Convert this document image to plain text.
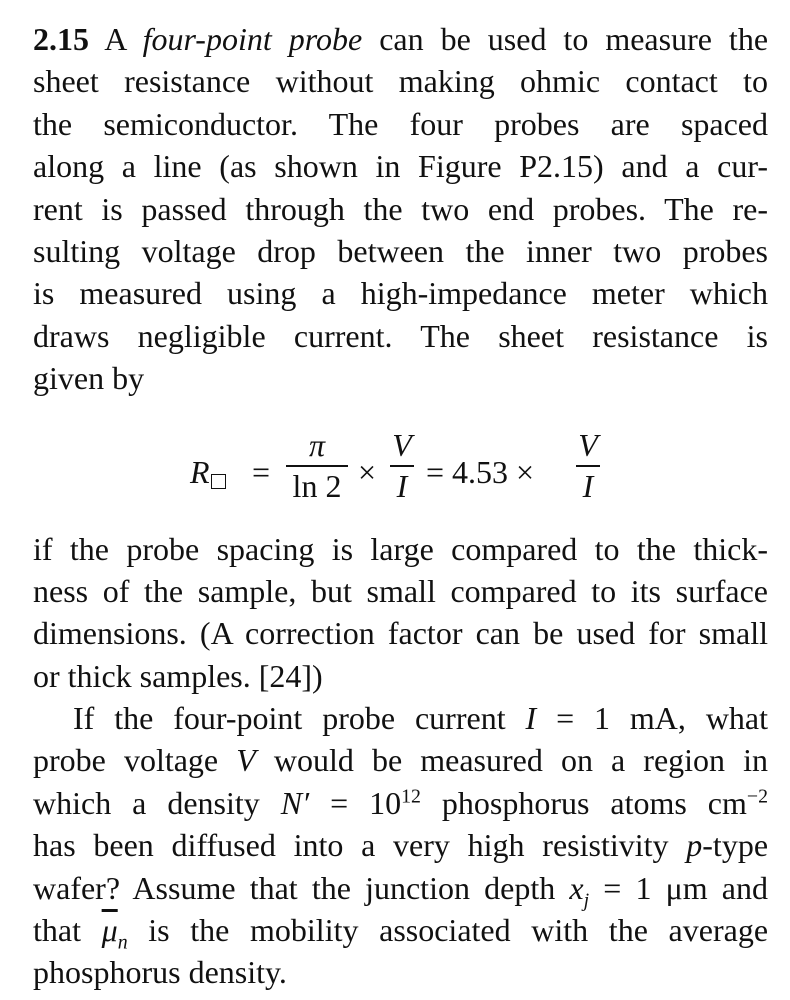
2.15 A four-point probe can be used to measure the
sheet resistance without making ohmic contact to
the semiconductor. The four probes are spaced
along a line (as shown in Figure P2.15) and a cur-
rent is passed through the two end probes. The re-
sulting voltage drop between the inner two probes
is measured using a high-impedance meter which
draws negligible current. The sheet resistance is
given by
if the probe spacing is large compared to the thick-
ness of the sample, but small compared to its surface
dimensions. (A correction factor can be used for small
or thick samples. [24])
If the four-point probe current I = 1 mA, what
probe voltage V would be measured on a region in
which a density $N' = 10^{12}$ phosphorus atoms $cm^{-2}$
has been diffused into a very high resistivity p-type
wafer? Assume that the junction depth $x_j = 1$ μm and
that $\overline{\mu}_n$ is the mobility associated with the average
phosphorus density.
R	=
π
ln 2 ×
V
I = 4.53 ×
V
I
